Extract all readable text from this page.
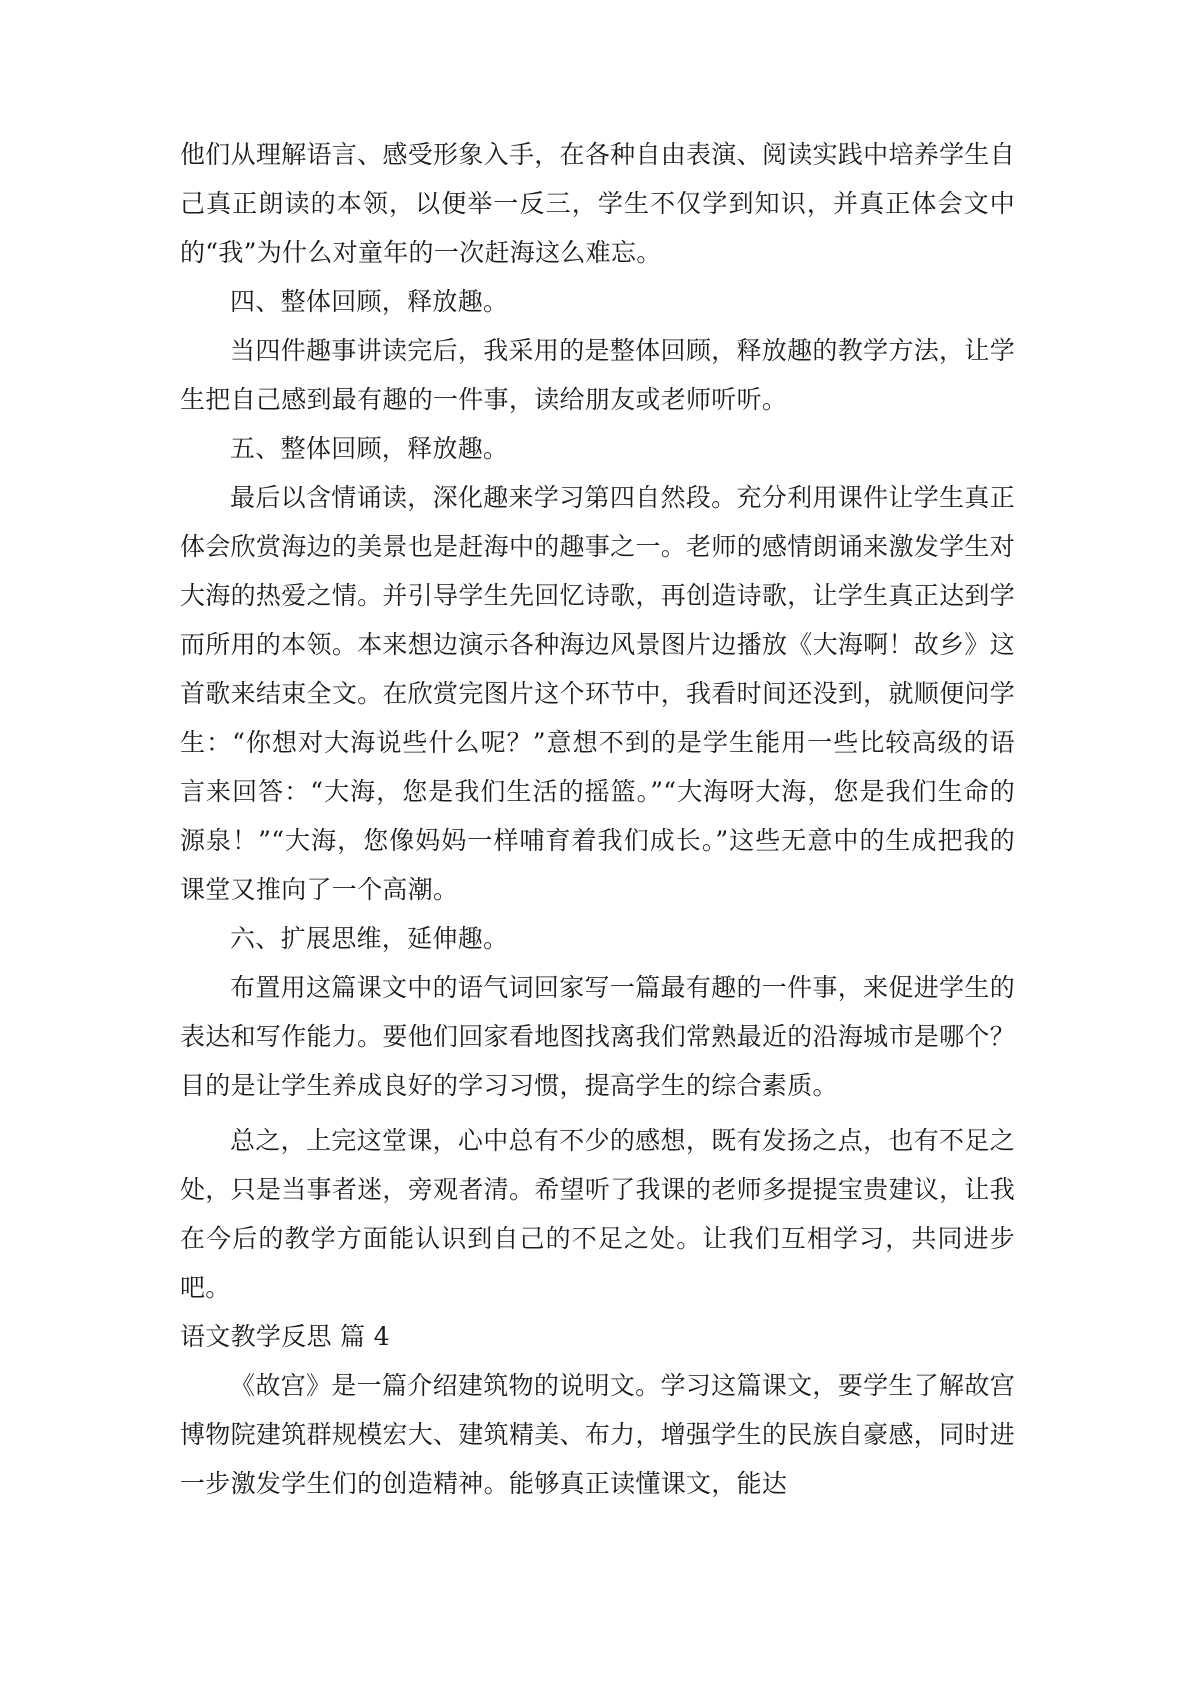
他们从理解语言、感受形象入手，在各种自由表演、阅读实践中培养学生自己真正朗读的本领，以便举一反三，学生不仅学到知识，并真正体会文中的“我”为什么对童年的一次赶海这么难忘。

四、整体回顾，释放趣。

当四件趣事讲读完后，我采用的是整体回顾，释放趣的教学方法，让学生把自己感到最有趣的一件事，读给朋友或老师听听。

五、整体回顾，释放趣。

最后以含情诵读，深化趣来学习第四自然段。充分利用课件让学生真正体会欣赏海边的美景也是赶海中的趣事之一。老师的感情朗诵来激发学生对大海的热爱之情。并引导学生先回忆诗歌，再创造诗歌，让学生真正达到学而所用的本领。本来想边演示各种海边风景图片边播放《大海啊！故乡》这首歌来结束全文。在欣赏完图片这个环节中，我看时间还没到，就顺便问学生：“你想对大海说些什么呢？”意想不到的是学生能用一些比较高级的语言来回答：“大海，您是我们生活的摇篮。”“大海呀大海，您是我们生命的源泉！”“大海，您像妈妈一样哺育着我们成长。”这些无意中的生成把我的课堂又推向了一个高潮。

六、扩展思维，延伸趣。

布置用这篇课文中的语气词回家写一篇最有趣的一件事，来促进学生的表达和写作能力。要他们回家看地图找离我们常熟最近的沿海城市是哪个？目的是让学生养成良好的学习习惯，提高学生的综合素质。

总之，上完这堂课，心中总有不少的感想，既有发扬之点，也有不足之处，只是当事者迷，旁观者清。希望听了我课的老师多提提宝贵建议，让我在今后的教学方面能认识到自己的不足之处。让我们互相学习，共同进步吧。

语文教学反思 篇 4

《故宫》是一篇介绍建筑物的说明文。学习这篇课文，要学生了解故宫博物院建筑群规模宏大、建筑精美、布力，增强学生的民族自豪感，同时进一步激发学生们的创造精神。能够真正读懂课文，能达
